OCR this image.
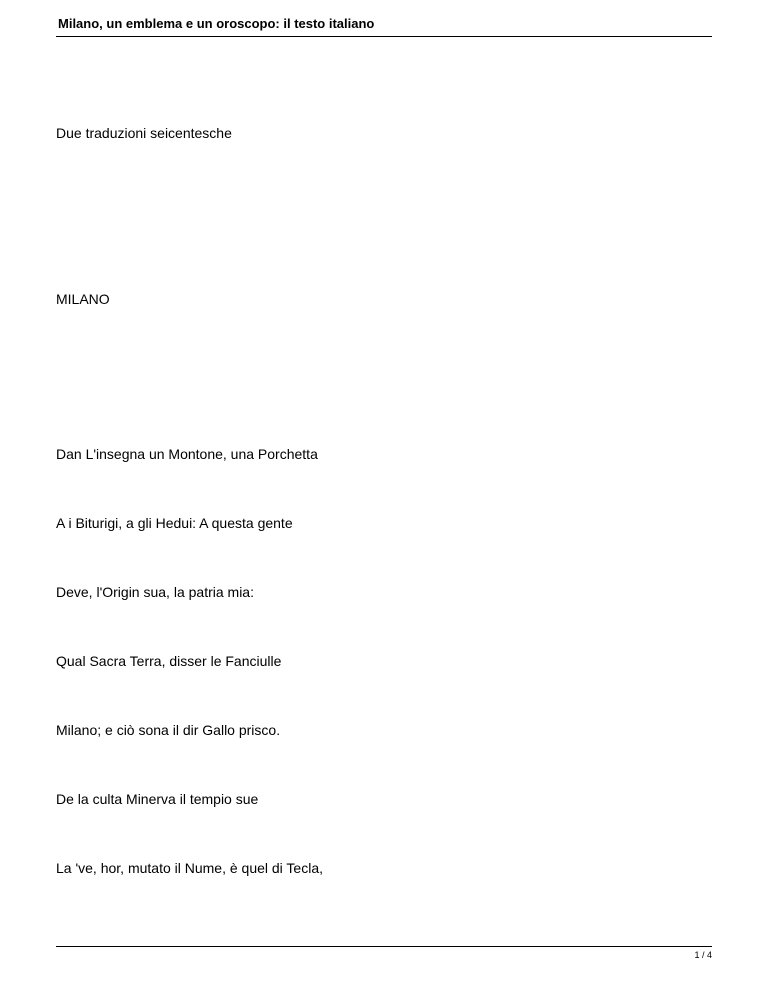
Milano, un emblema e un oroscopo: il testo italiano
Due traduzioni seicentesche
MILANO
Dan L'insegna un Montone, una Porchetta
A i Biturigi, a gli Hedui: A questa gente
Deve, l'Origin sua, la patria mia:
Qual Sacra Terra, disser le Fanciulle
Milano; e ciò sona il dir Gallo prisco.
De la culta Minerva il tempio sue
La 've, hor, mutato il Nume, è quel di Tecla,
1 / 4
